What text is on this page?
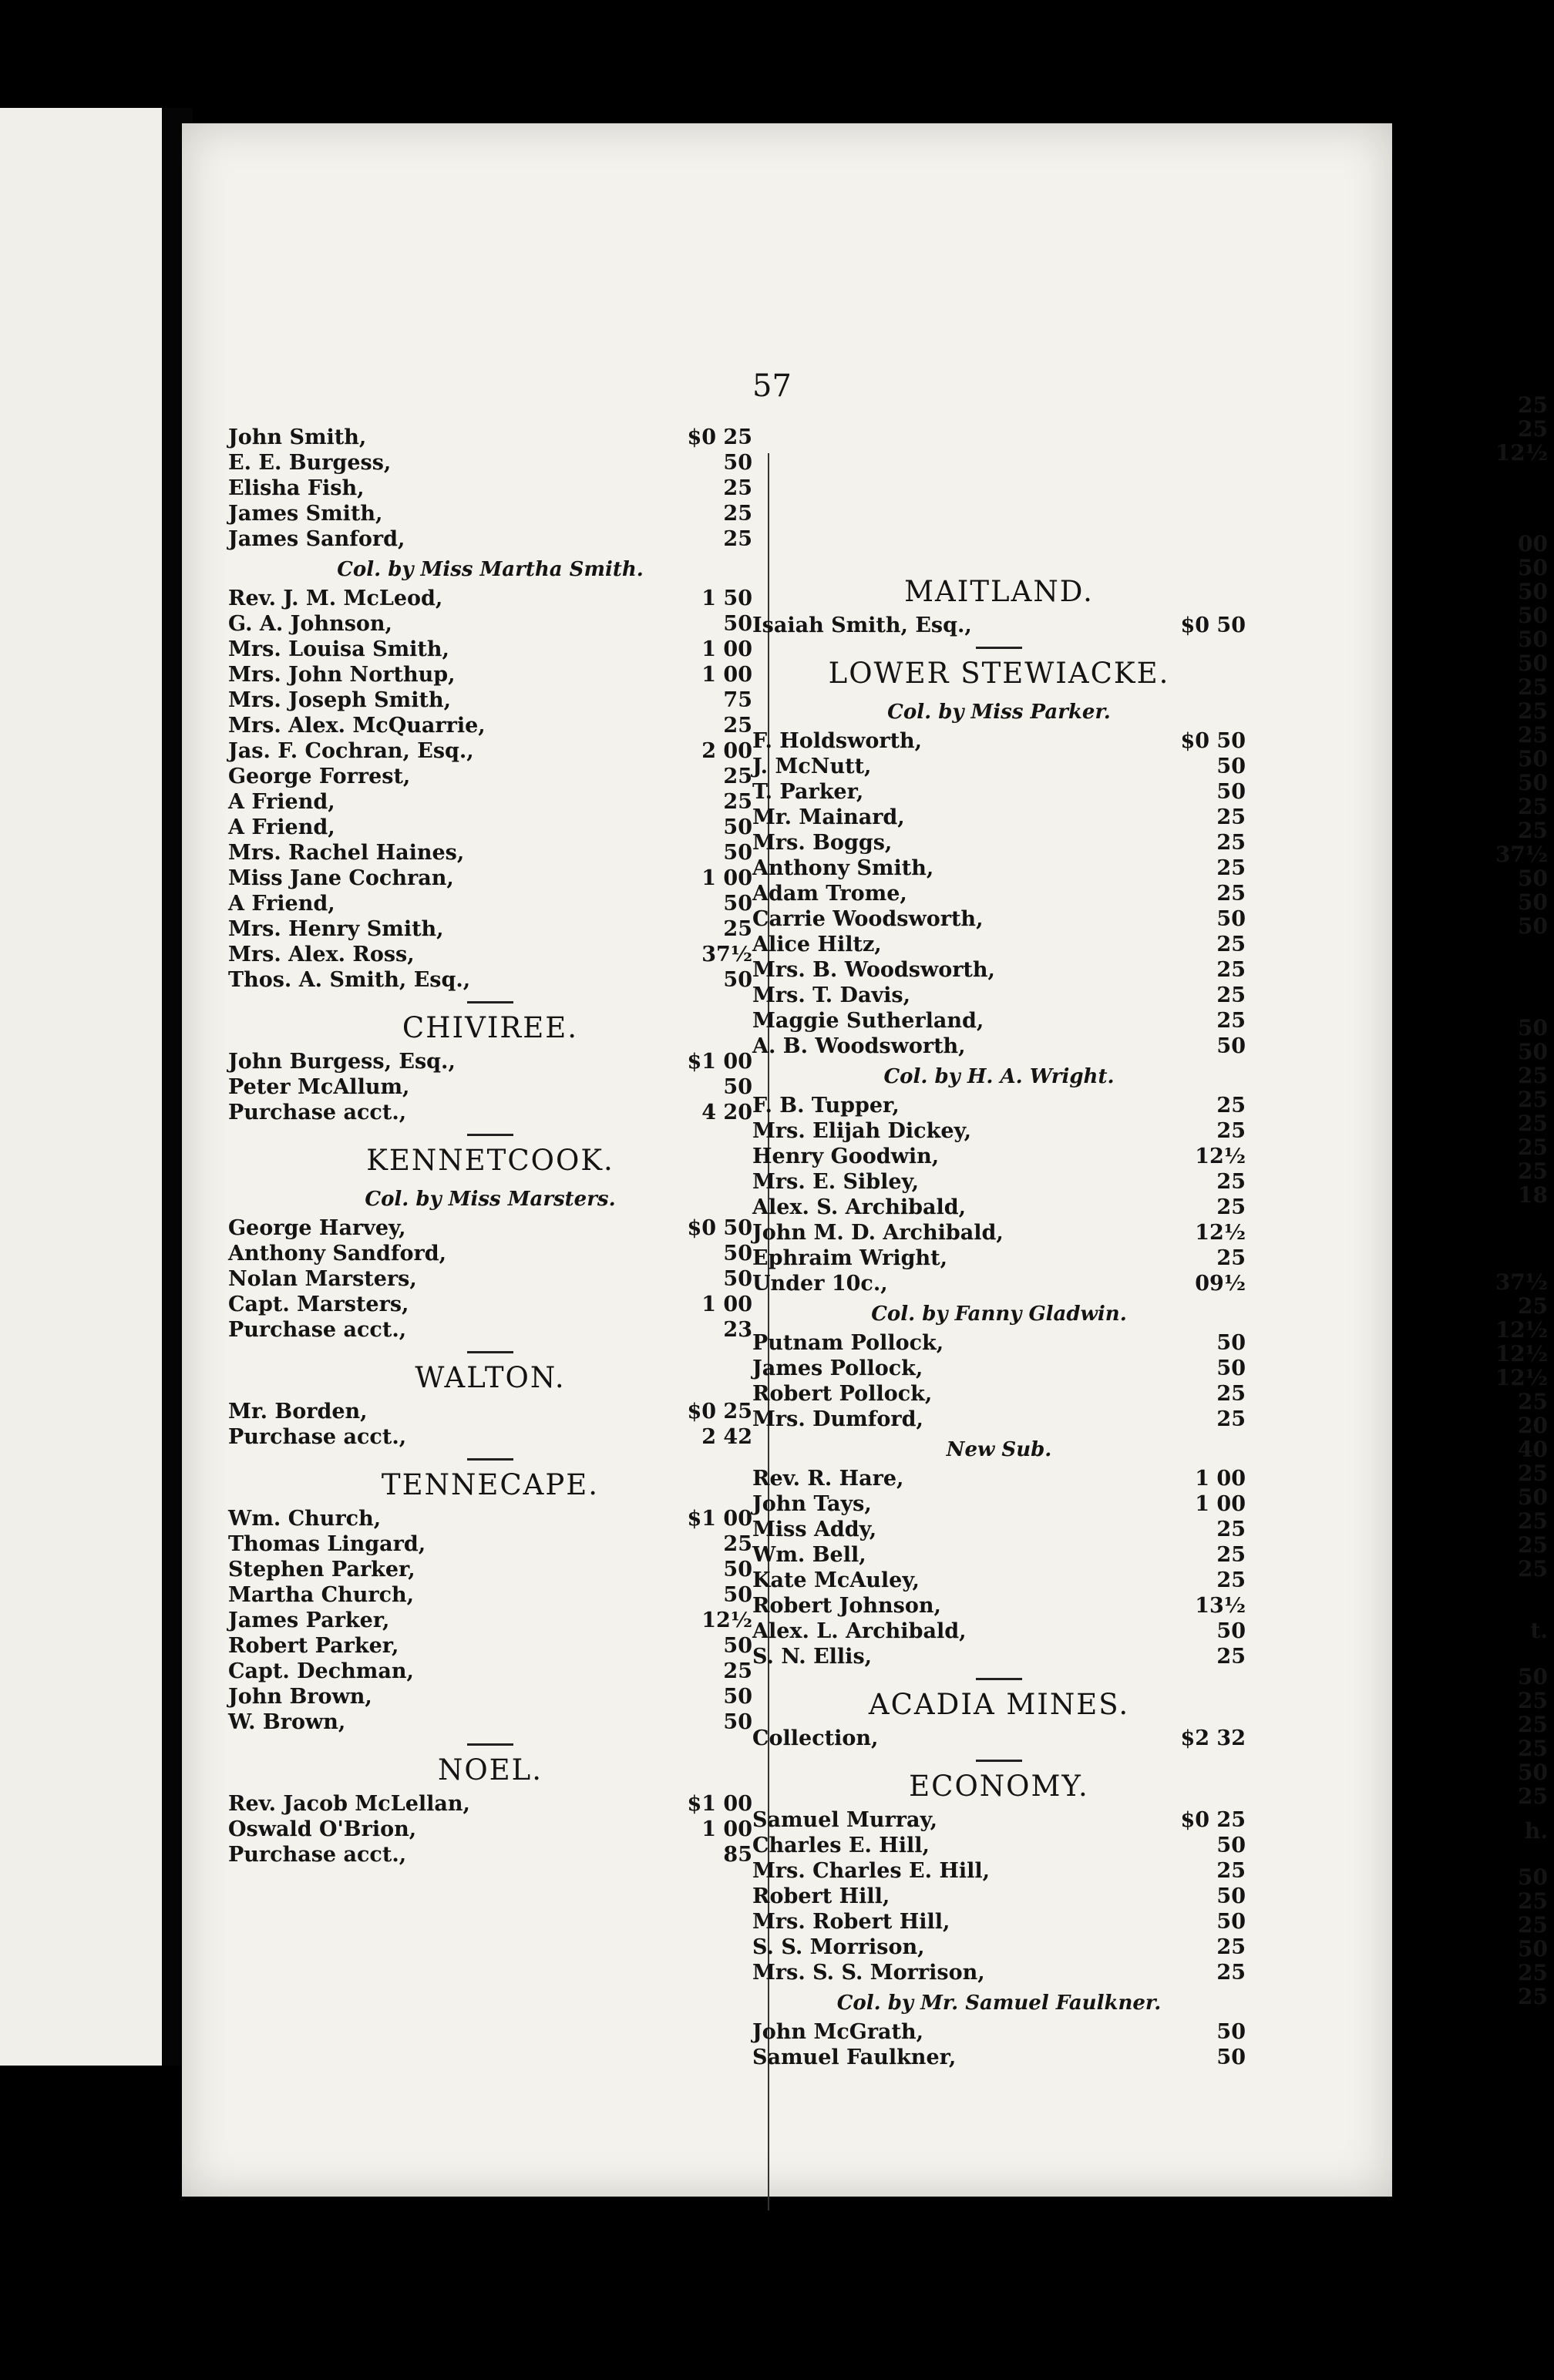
57
John Smith,	$0 25
E. E. Burgess,	50
Elisha Fish,	25
James Smith,	25
James Sanford,	25
Col. by Miss Martha Smith.
Rev. J. M. McLeod,	1 50
G. A. Johnson,	50
Mrs. Louisa Smith,	1 00
Mrs. John Northup,	1 00
Mrs. Joseph Smith,	75
Mrs. Alex. McQuarrie,	25
Jas. F. Cochran, Esq.,	2 00
George Forrest,	25
A Friend,	25
A Friend,	50
Mrs. Rachel Haines,	50
Miss Jane Cochran,	1 00
A Friend,	50
Mrs. Henry Smith,	25
Mrs. Alex. Ross,	37½
Thos. A. Smith, Esq.,	50
CHIVIREE.
John Burgess, Esq.,	$1 00
Peter McAllum,	50
Purchase acct.,	4 20
KENNETCOOK.
Col. by Miss Marsters.
George Harvey,	$0 50
Anthony Sandford,	50
Nolan Marsters,	50
Capt. Marsters,	1 00
Purchase acct.,	23
WALTON.
Mr. Borden,	$0 25
Purchase acct.,	2 42
TENNECAPE.
Wm. Church,	$1 00
Thomas Lingard,	25
Stephen Parker,	50
Martha Church,	50
James Parker,	12½
Robert Parker,	50
Capt. Dechman,	25
John Brown,	50
W. Brown,	50
NOEL.
Rev. Jacob McLellan,	$1 00
Oswald O'Brion,	1 00
Purchase acct.,	85
MAITLAND.
Isaiah Smith, Esq.,	$0 50
LOWER STEWIACKE.
Col. by Miss Parker.
F. Holdsworth,	$0 50
J. McNutt,	50
T. Parker,	50
Mr. Mainard,	25
Mrs. Boggs,	25
Anthony Smith,	25
Adam Trome,	25
Carrie Woodsworth,	50
Alice Hiltz,	25
Mrs. B. Woodsworth,	25
Mrs. T. Davis,	25
Maggie Sutherland,	25
A. B. Woodsworth,	50
Col. by H. A. Wright.
F. B. Tupper,	25
Mrs. Elijah Dickey,	25
Henry Goodwin,	12½
Mrs. E. Sibley,	25
Alex. S. Archibald,	25
John M. D. Archibald,	12½
Ephraim Wright,	25
Under 10c.,	09½
Col. by Fanny Gladwin.
Putnam Pollock,	50
James Pollock,	50
Robert Pollock,	25
Mrs. Dumford,	25
New Sub.
Rev. R. Hare,	1 00
John Tays,	1 00
Miss Addy,	25
Wm. Bell,	25
Kate McAuley,	25
Robert Johnson,	13½
Alex. L. Archibald,	50
S. N. Ellis,	25
ACADIA MINES.
Collection,	$2 32
ECONOMY.
Samuel Murray,	$0 25
Charles E. Hill,	50
Mrs. Charles E. Hill,	25
Robert Hill,	50
Mrs. Robert Hill,	50
S. S. Morrison,	25
Mrs. S. S. Morrison,	25
Col. by Mr. Samuel Faulkner.
John McGrath,	50
Samuel Faulkner,	50
25
25
12½
00
50
50
50
50
50
25
25
25
50
50
25
25
37½
50
50
50
50
50
25
25
25
25
25
18
37½
25
12½
12½
12½
25
20
40
25
50
25
25
25
t.
50
25
25
25
50
25
h.
50
25
25
50
25
25
